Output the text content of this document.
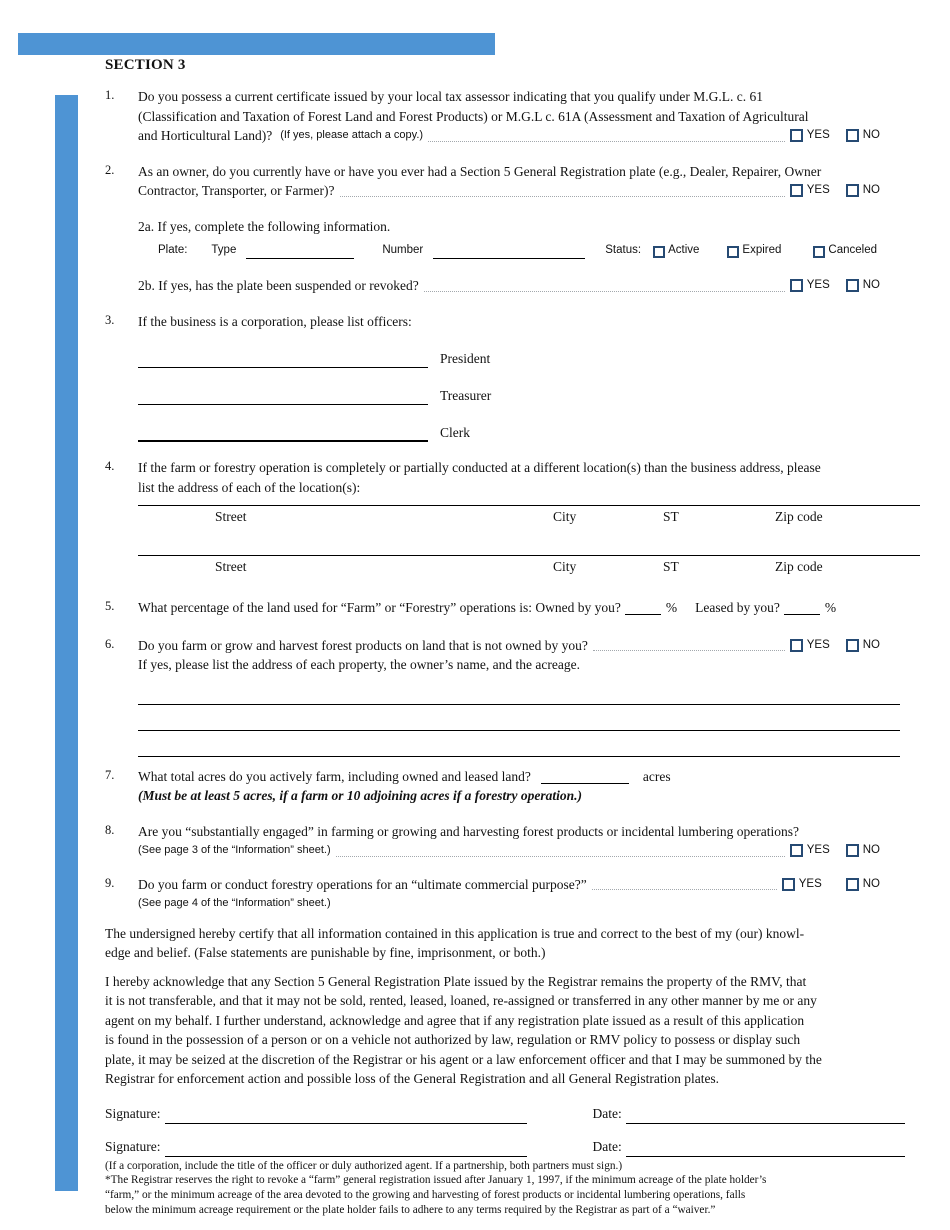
SECTION 3
1. Do you possess a current certificate issued by your local tax assessor indicating that you qualify under M.G.L. c. 61
(Classification and Taxation of Forest Land and Forest Products) or M.G.L c. 61A (Assessment and Taxation of Agricultural
and Horticultural Land)? (If yes, please attach a copy.)	YES	NO
2. As an owner, do you currently have or have you ever had a Section 5 General Registration plate (e.g., Dealer, Repairer, Owner
Contractor, Transporter, or Farmer)?	YES	NO
2a. If yes, complete the following information.
Plate: Type	Number	Status: Active	Expired	Canceled
2b. If yes, has the plate been suspended or revoked?	YES	NO
3. If the business is a corporation, please list officers:
President
Treasurer
Clerk
4. If the farm or forestry operation is completely or partially conducted at a different location(s) than the business address, please
list the address of each of the location(s):
Street	City	ST	Zip code
Street	City	ST	Zip code
5. What percentage of the land used for “Farm” or “Forestry” operations is: Owned by you?	% Leased by you?	%
6. Do you farm or grow and harvest forest products on land that is not owned by you?	YES	NO
If yes, please list the address of each property, the owner’s name, and the acreage.
7. What total acres do you actively farm, including owned and leased land?	acres
(Must be at least 5 acres, if a farm or 10 adjoining acres if a forestry operation.)
8. Are you “substantially engaged” in farming or growing and harvesting forest products or incidental lumbering operations?
(See page 3 of the “Information” sheet.)	YES	NO
9. Do you farm or conduct forestry operations for an “ultimate commercial purpose?”	YES	NO
(See page 4 of the “Information” sheet.)
The undersigned hereby certify that all information contained in this application is true and correct to the best of my (our) knowl-
edge and belief. (False statements are punishable by fine, imprisonment, or both.)
I hereby acknowledge that any Section 5 General Registration Plate issued by the Registrar remains the property of the RMV, that
it is not transferable, and that it may not be sold, rented, leased, loaned, re-assigned or transferred in any other manner by me or any
agent on my behalf. I further understand, acknowledge and agree that if any registration plate issued as a result of this application
is found in the possession of a person or on a vehicle not authorized by law, regulation or RMV policy to possess or display such
plate, it may be seized at the discretion of the Registrar or his agent or a law enforcement officer and that I may be summoned by the
Registrar for enforcement action and possible loss of the General Registration and all General Registration plates.
Signature:	Date:
Signature:	Date:
(If a corporation, include the title of the officer or duly authorized agent. If a partnership, both partners must sign.)
*The Registrar reserves the right to revoke a “farm” general registration issued after January 1, 1997, if the minimum acreage of the plate holder’s
“farm,” or the minimum acreage of the area devoted to the growing and harvesting of forest products or incidental lumbering operations, falls
below the minimum acreage requirement or the plate holder fails to adhere to any terms required by the Registrar as part of a “waiver.”
